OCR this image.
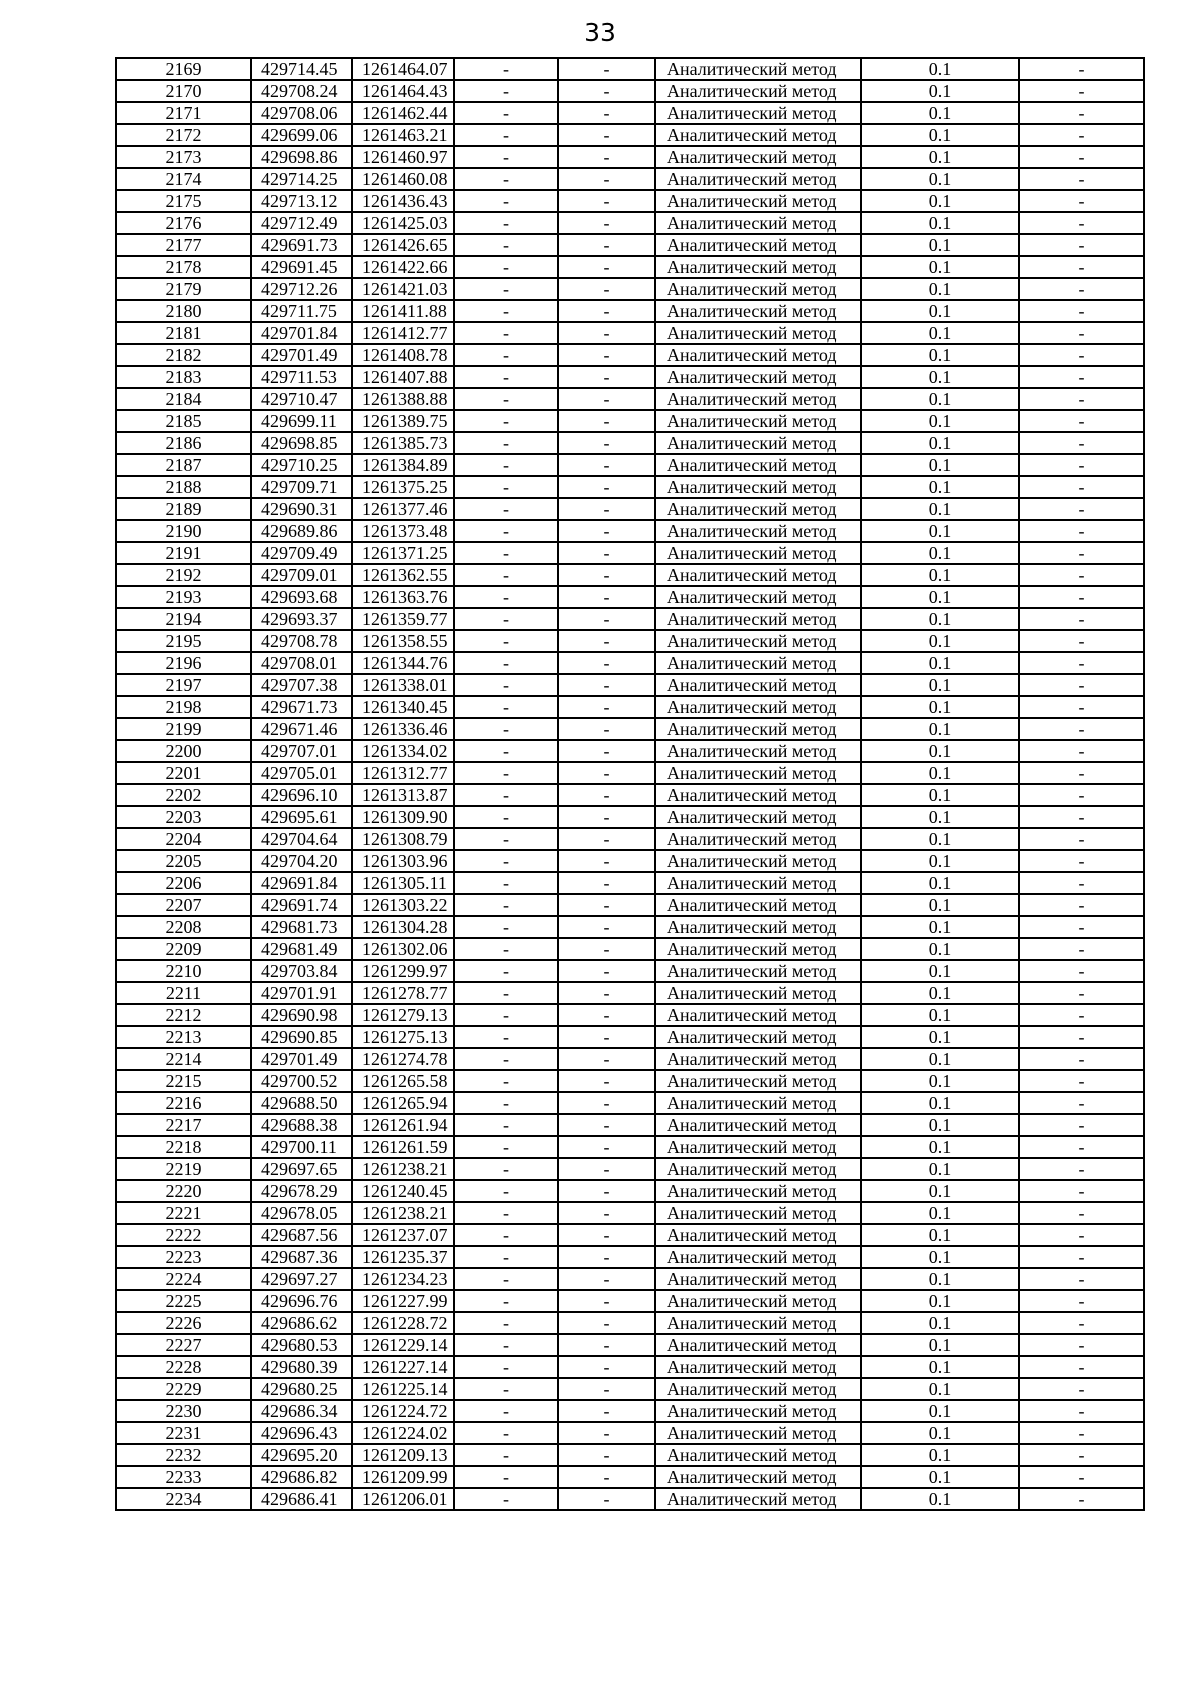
33
2169	429714.45	1261464.07	-	-	Аналитический метод	0.1	-
2170	429708.24	1261464.43	-	-	Аналитический метод	0.1	-
2171	429708.06	1261462.44	-	-	Аналитический метод	0.1	-
2172	429699.06	1261463.21	-	-	Аналитический метод	0.1	-
2173	429698.86	1261460.97	-	-	Аналитический метод	0.1	-
2174	429714.25	1261460.08	-	-	Аналитический метод	0.1	-
2175	429713.12	1261436.43	-	-	Аналитический метод	0.1	-
2176	429712.49	1261425.03	-	-	Аналитический метод	0.1	-
2177	429691.73	1261426.65	-	-	Аналитический метод	0.1	-
2178	429691.45	1261422.66	-	-	Аналитический метод	0.1	-
2179	429712.26	1261421.03	-	-	Аналитический метод	0.1	-
2180	429711.75	1261411.88	-	-	Аналитический метод	0.1	-
2181	429701.84	1261412.77	-	-	Аналитический метод	0.1	-
2182	429701.49	1261408.78	-	-	Аналитический метод	0.1	-
2183	429711.53	1261407.88	-	-	Аналитический метод	0.1	-
2184	429710.47	1261388.88	-	-	Аналитический метод	0.1	-
2185	429699.11	1261389.75	-	-	Аналитический метод	0.1	-
2186	429698.85	1261385.73	-	-	Аналитический метод	0.1	-
2187	429710.25	1261384.89	-	-	Аналитический метод	0.1	-
2188	429709.71	1261375.25	-	-	Аналитический метод	0.1	-
2189	429690.31	1261377.46	-	-	Аналитический метод	0.1	-
2190	429689.86	1261373.48	-	-	Аналитический метод	0.1	-
2191	429709.49	1261371.25	-	-	Аналитический метод	0.1	-
2192	429709.01	1261362.55	-	-	Аналитический метод	0.1	-
2193	429693.68	1261363.76	-	-	Аналитический метод	0.1	-
2194	429693.37	1261359.77	-	-	Аналитический метод	0.1	-
2195	429708.78	1261358.55	-	-	Аналитический метод	0.1	-
2196	429708.01	1261344.76	-	-	Аналитический метод	0.1	-
2197	429707.38	1261338.01	-	-	Аналитический метод	0.1	-
2198	429671.73	1261340.45	-	-	Аналитический метод	0.1	-
2199	429671.46	1261336.46	-	-	Аналитический метод	0.1	-
2200	429707.01	1261334.02	-	-	Аналитический метод	0.1	-
2201	429705.01	1261312.77	-	-	Аналитический метод	0.1	-
2202	429696.10	1261313.87	-	-	Аналитический метод	0.1	-
2203	429695.61	1261309.90	-	-	Аналитический метод	0.1	-
2204	429704.64	1261308.79	-	-	Аналитический метод	0.1	-
2205	429704.20	1261303.96	-	-	Аналитический метод	0.1	-
2206	429691.84	1261305.11	-	-	Аналитический метод	0.1	-
2207	429691.74	1261303.22	-	-	Аналитический метод	0.1	-
2208	429681.73	1261304.28	-	-	Аналитический метод	0.1	-
2209	429681.49	1261302.06	-	-	Аналитический метод	0.1	-
2210	429703.84	1261299.97	-	-	Аналитический метод	0.1	-
2211	429701.91	1261278.77	-	-	Аналитический метод	0.1	-
2212	429690.98	1261279.13	-	-	Аналитический метод	0.1	-
2213	429690.85	1261275.13	-	-	Аналитический метод	0.1	-
2214	429701.49	1261274.78	-	-	Аналитический метод	0.1	-
2215	429700.52	1261265.58	-	-	Аналитический метод	0.1	-
2216	429688.50	1261265.94	-	-	Аналитический метод	0.1	-
2217	429688.38	1261261.94	-	-	Аналитический метод	0.1	-
2218	429700.11	1261261.59	-	-	Аналитический метод	0.1	-
2219	429697.65	1261238.21	-	-	Аналитический метод	0.1	-
2220	429678.29	1261240.45	-	-	Аналитический метод	0.1	-
2221	429678.05	1261238.21	-	-	Аналитический метод	0.1	-
2222	429687.56	1261237.07	-	-	Аналитический метод	0.1	-
2223	429687.36	1261235.37	-	-	Аналитический метод	0.1	-
2224	429697.27	1261234.23	-	-	Аналитический метод	0.1	-
2225	429696.76	1261227.99	-	-	Аналитический метод	0.1	-
2226	429686.62	1261228.72	-	-	Аналитический метод	0.1	-
2227	429680.53	1261229.14	-	-	Аналитический метод	0.1	-
2228	429680.39	1261227.14	-	-	Аналитический метод	0.1	-
2229	429680.25	1261225.14	-	-	Аналитический метод	0.1	-
2230	429686.34	1261224.72	-	-	Аналитический метод	0.1	-
2231	429696.43	1261224.02	-	-	Аналитический метод	0.1	-
2232	429695.20	1261209.13	-	-	Аналитический метод	0.1	-
2233	429686.82	1261209.99	-	-	Аналитический метод	0.1	-
2234	429686.41	1261206.01	-	-	Аналитический метод	0.1	-
